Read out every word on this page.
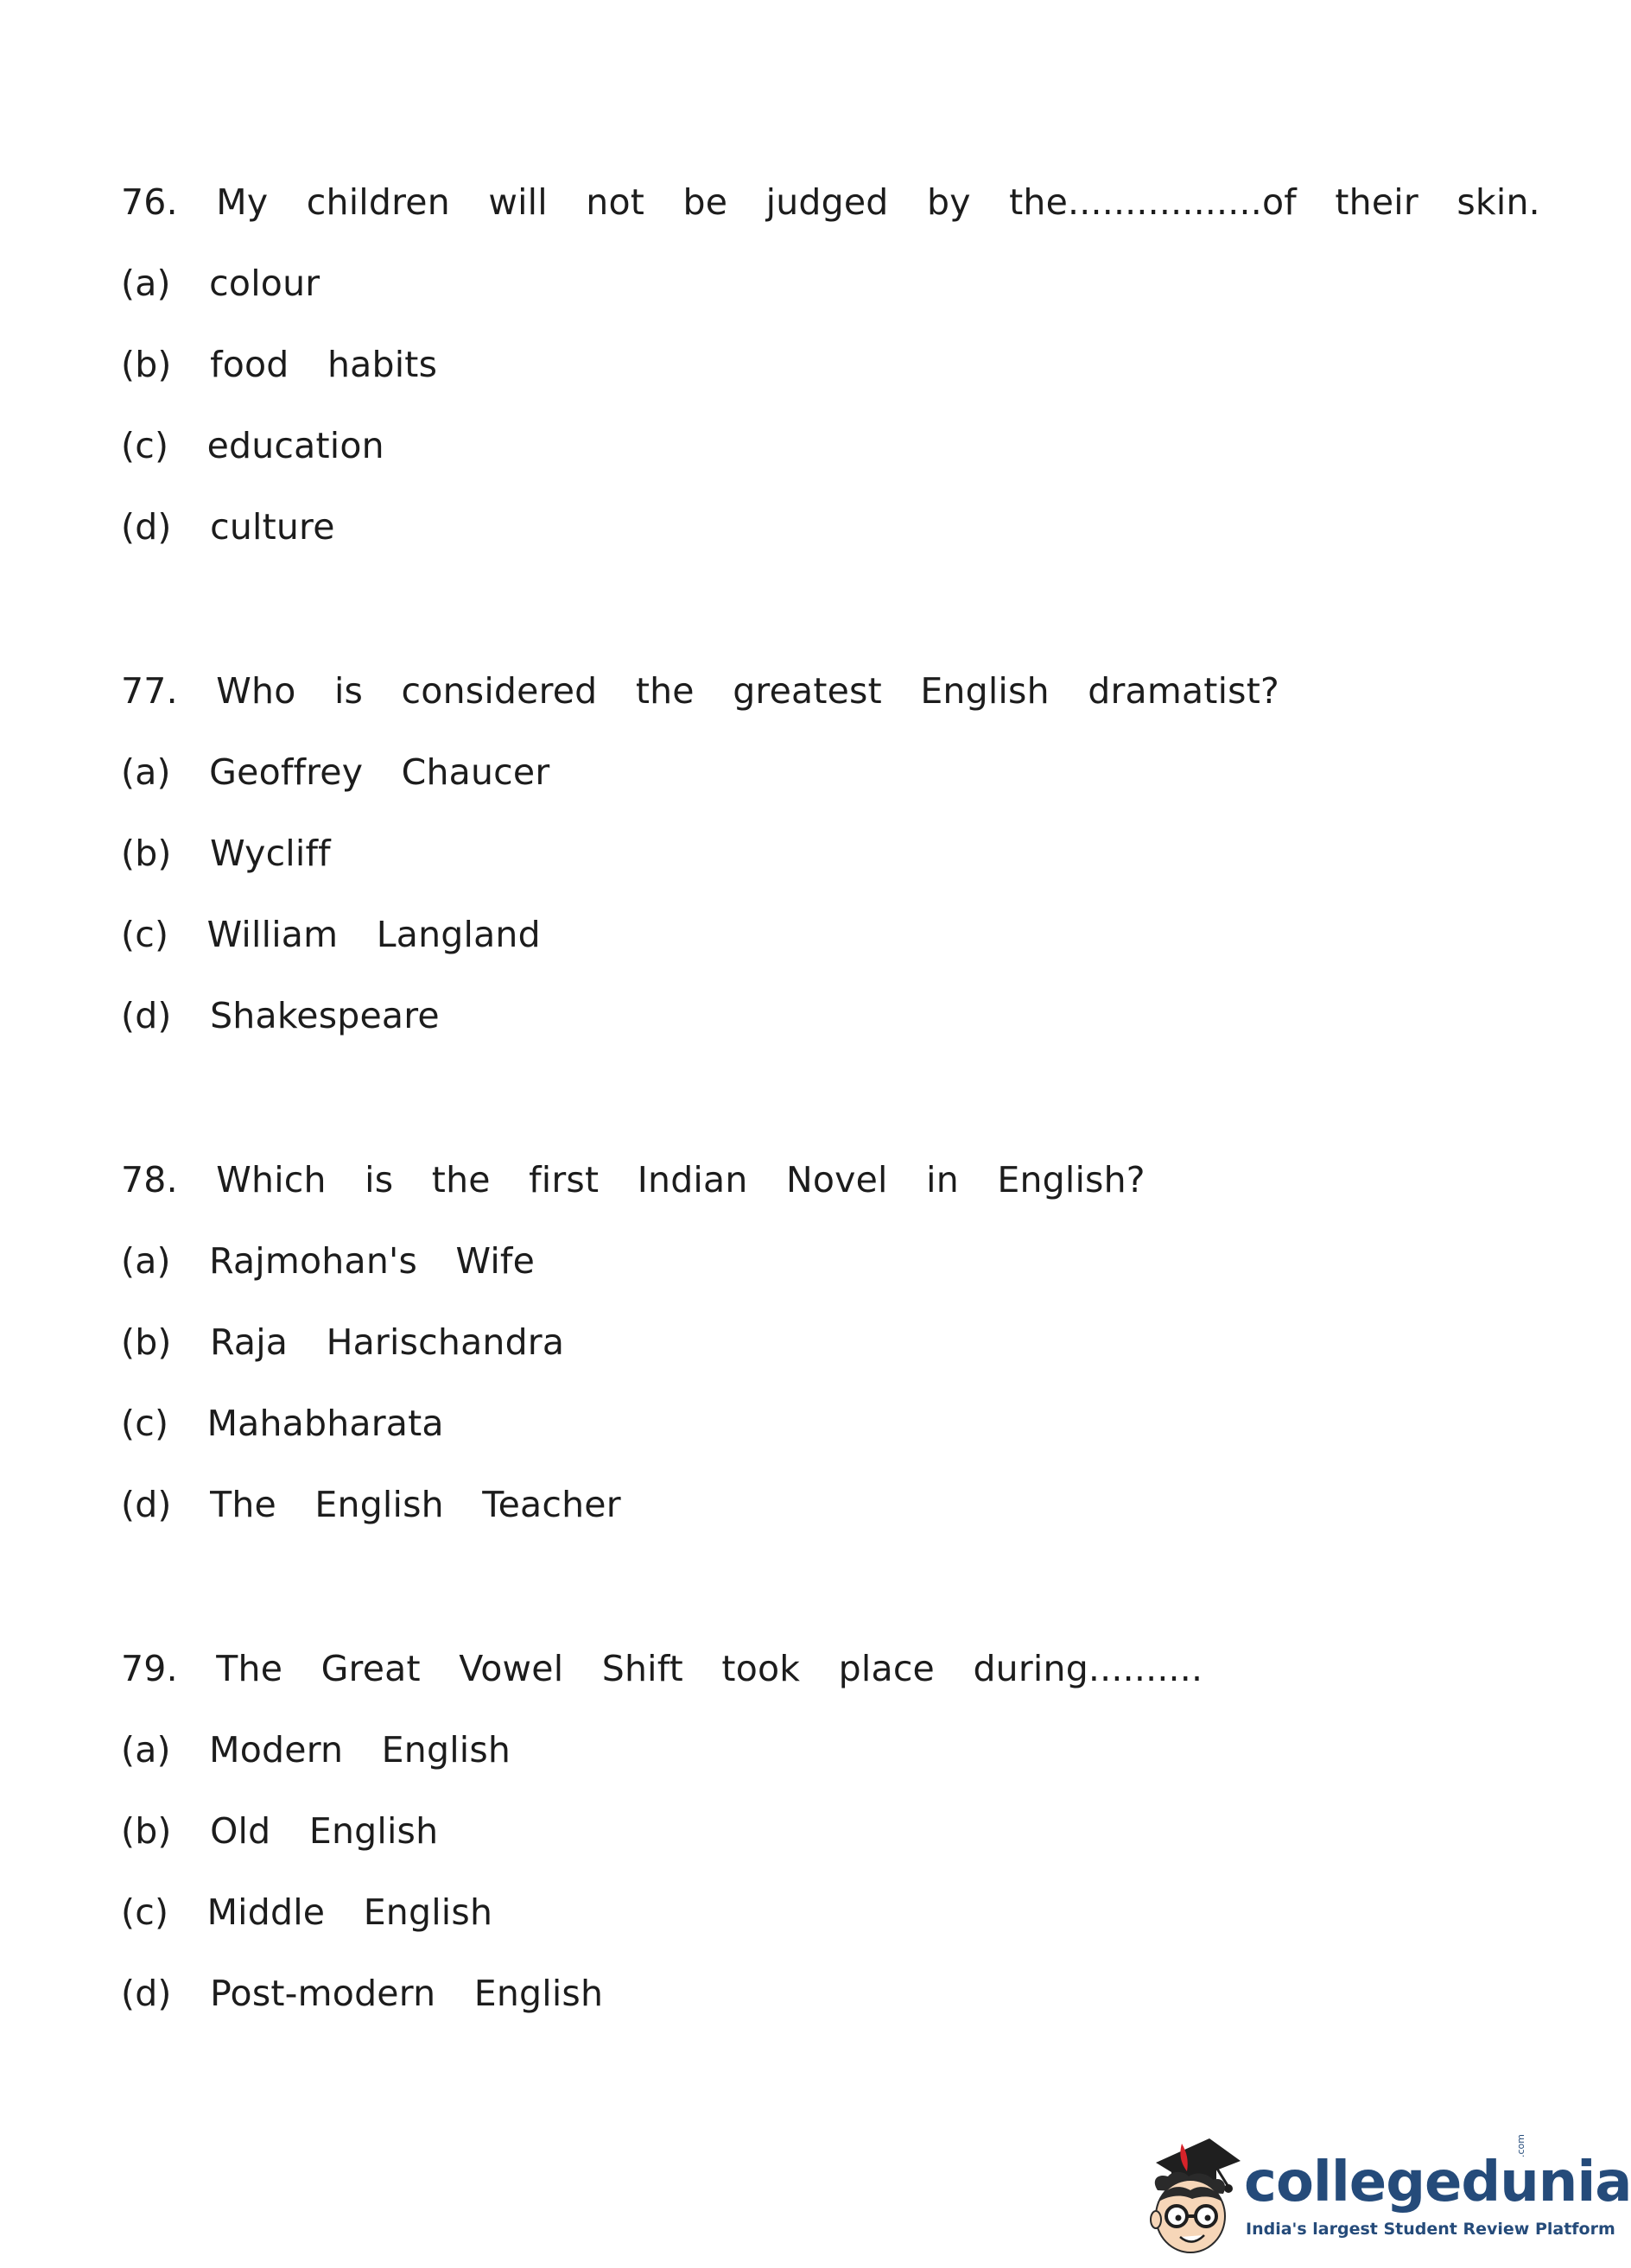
76.  My  children  will  not  be  judged  by  the.................of  their  skin.
(a)  colour
(b)  food  habits
(c)  education
(d)  culture
77.  Who  is  considered  the  greatest  English  dramatist?
(a)  Geoffrey  Chaucer
(b)  Wycliff
(c)  William  Langland
(d)  Shakespeare
78.  Which  is  the  first  Indian  Novel  in  English?
(a)  Rajmohan's  Wife
(b)  Raja  Harischandra
(c)  Mahabharata
(d)  The  English  Teacher
79.  The  Great  Vowel  Shift  took  place  during..........
(a)  Modern  English
(b)  Old  English
(c)  Middle  English
(d)  Post-modern  English
collegedunia
.com
India's largest Student Review Platform
